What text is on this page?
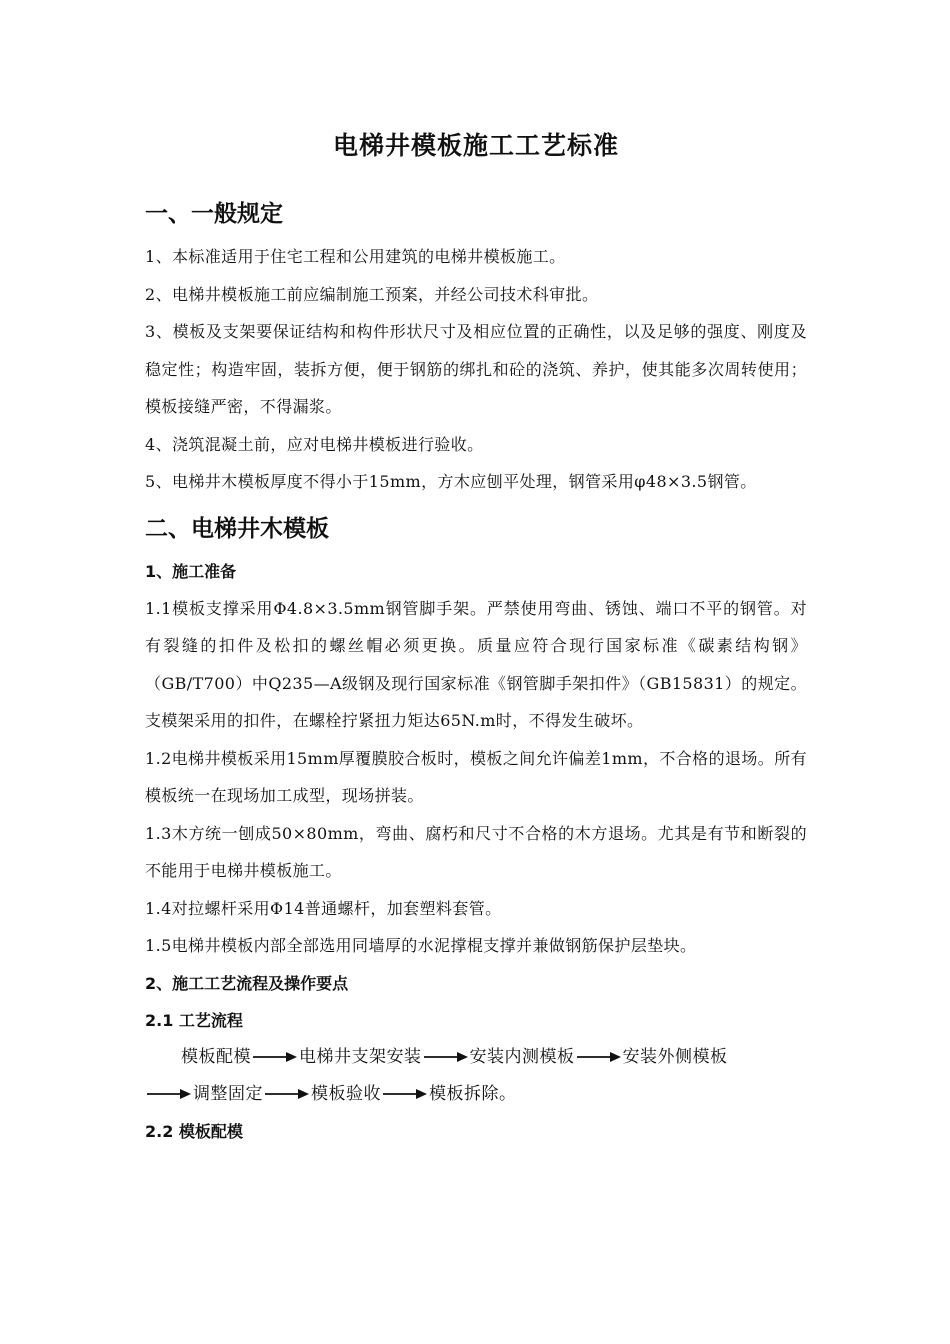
电梯井模板施工工艺标准
一、一般规定

1、本标准适用于住宅工程和公用建筑的电梯井模板施工。

2、电梯井模板施工前应编制施工预案，并经公司技术科审批。

3、模板及支架要保证结构和构件形状尺寸及相应位置的正确性，以及足够的强度、刚度及稳定性；构造牢固，装拆方便，便于钢筋的绑扎和砼的浇筑、养护，使其能多次周转使用；模板接缝严密，不得漏浆。

4、浇筑混凝土前，应对电梯井模板进行验收。

5、电梯井木模板厚度不得小于15mm，方木应刨平处理，钢管采用φ48×3.5钢管。

二、电梯井木模板
1、施工准备

1.1模板支撑采用Φ4.8×3.5mm钢管脚手架。严禁使用弯曲、锈蚀、端口不平的钢管。对有裂缝的扣件及松扣的螺丝帽必须更换。质量应符合现行国家标准《碳素结构钢》（GB/T700）中Q235—A级钢及现行国家标准《钢管脚手架扣件》（GB15831）的规定。支模架采用的扣件，在螺栓拧紧扭力矩达65N.m时，不得发生破坏。

1.2电梯井模板采用15mm厚覆膜胶合板时，模板之间允许偏差1mm，不合格的退场。所有模板统一在现场加工成型，现场拼装。

1.3木方统一刨成50×80mm，弯曲、腐朽和尺寸不合格的木方退场。尤其是有节和断裂的不能用于电梯井模板施工。

1.4对拉螺杆采用Φ14普通螺杆，加套塑料套管。

1.5电梯井模板内部全部选用同墙厚的水泥撑棍支撑并兼做钢筋保护层垫块。

2、施工工艺流程及操作要点
2.1 工艺流程

模板配模	电梯井支架安装	安装内测模板	安装外侧模板

调整固定	模板验收	模板拆除。

2.2 模板配模
